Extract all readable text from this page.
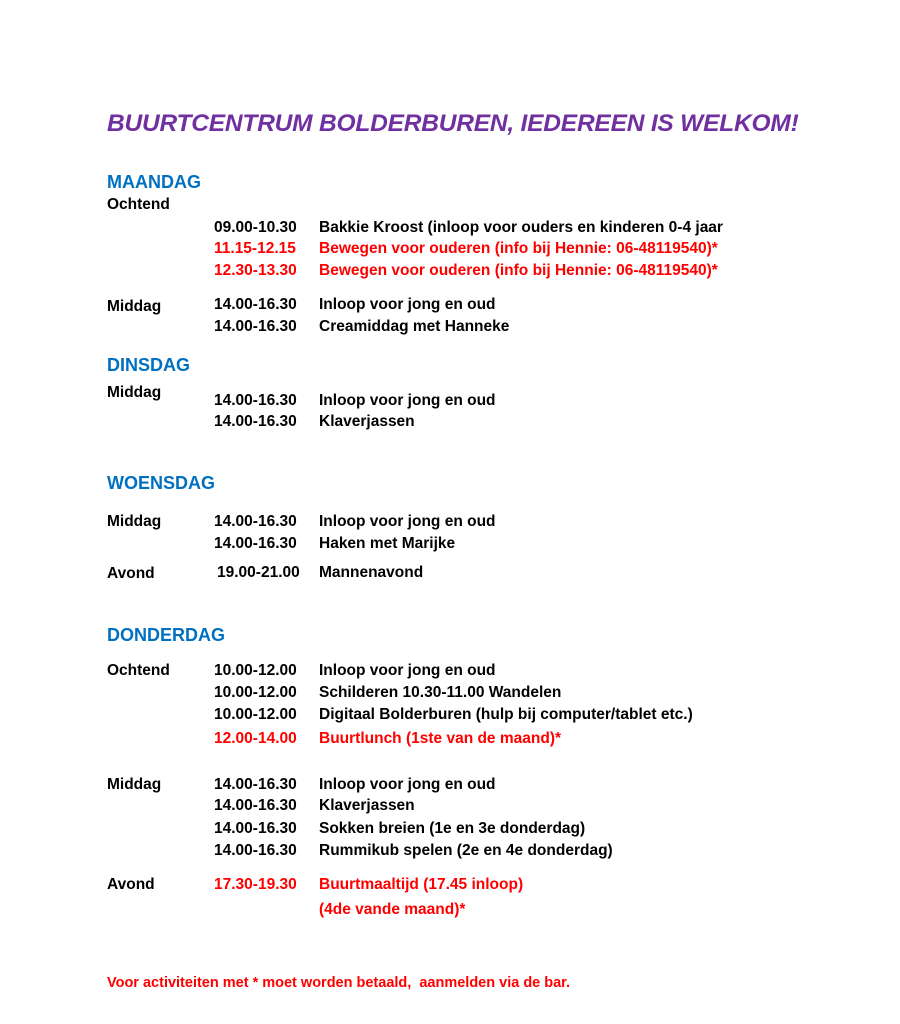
BUURTCENTRUM BOLDERBUREN, IEDEREEN IS WELKOM!
MAANDAG
Ochtend
09.00-10.30 Bakkie Kroost (inloop voor ouders en kinderen 0-4 jaar
11.15-12.15 Bewegen voor ouderen (info bij Hennie: 06-48119540)*
12.30-13.30 Bewegen voor ouderen (info bij Hennie: 06-48119540)*
Middag	14.00-16.30 Inloop voor jong en oud
14.00-16.30 Creamiddag met Hanneke
DINSDAG
Middag	14.00-16.30 Inloop voor jong en oud
14.00-16.30 Klaverjassen
WOENSDAG
Middag	14.00-16.30 Inloop voor jong en oud
14.00-16.30 Haken met Marijke
Avond	19.00-21.00 Mannenavond
DONDERDAG
Ochtend	10.00-12.00 Inloop voor jong en oud
10.00-12.00 Schilderen 10.30-11.00 Wandelen
10.00-12.00 Digitaal Bolderburen (hulp bij computer/tablet etc.)
12.00-14.00 Buurtlunch (1ste van de maand)*
Middag	14.00-16.30 Inloop voor jong en oud
14.00-16.30 Klaverjassen
14.00-16.30 Sokken breien (1e en 3e donderdag)
14.00-16.30 Rummikub spelen (2e en 4e donderdag)
Avond	17.30-19.30 Buurtmaaltijd (17.45 inloop)
(4de vande maand)*
Voor activiteiten met * moet worden betaald,  aanmelden via de bar.
